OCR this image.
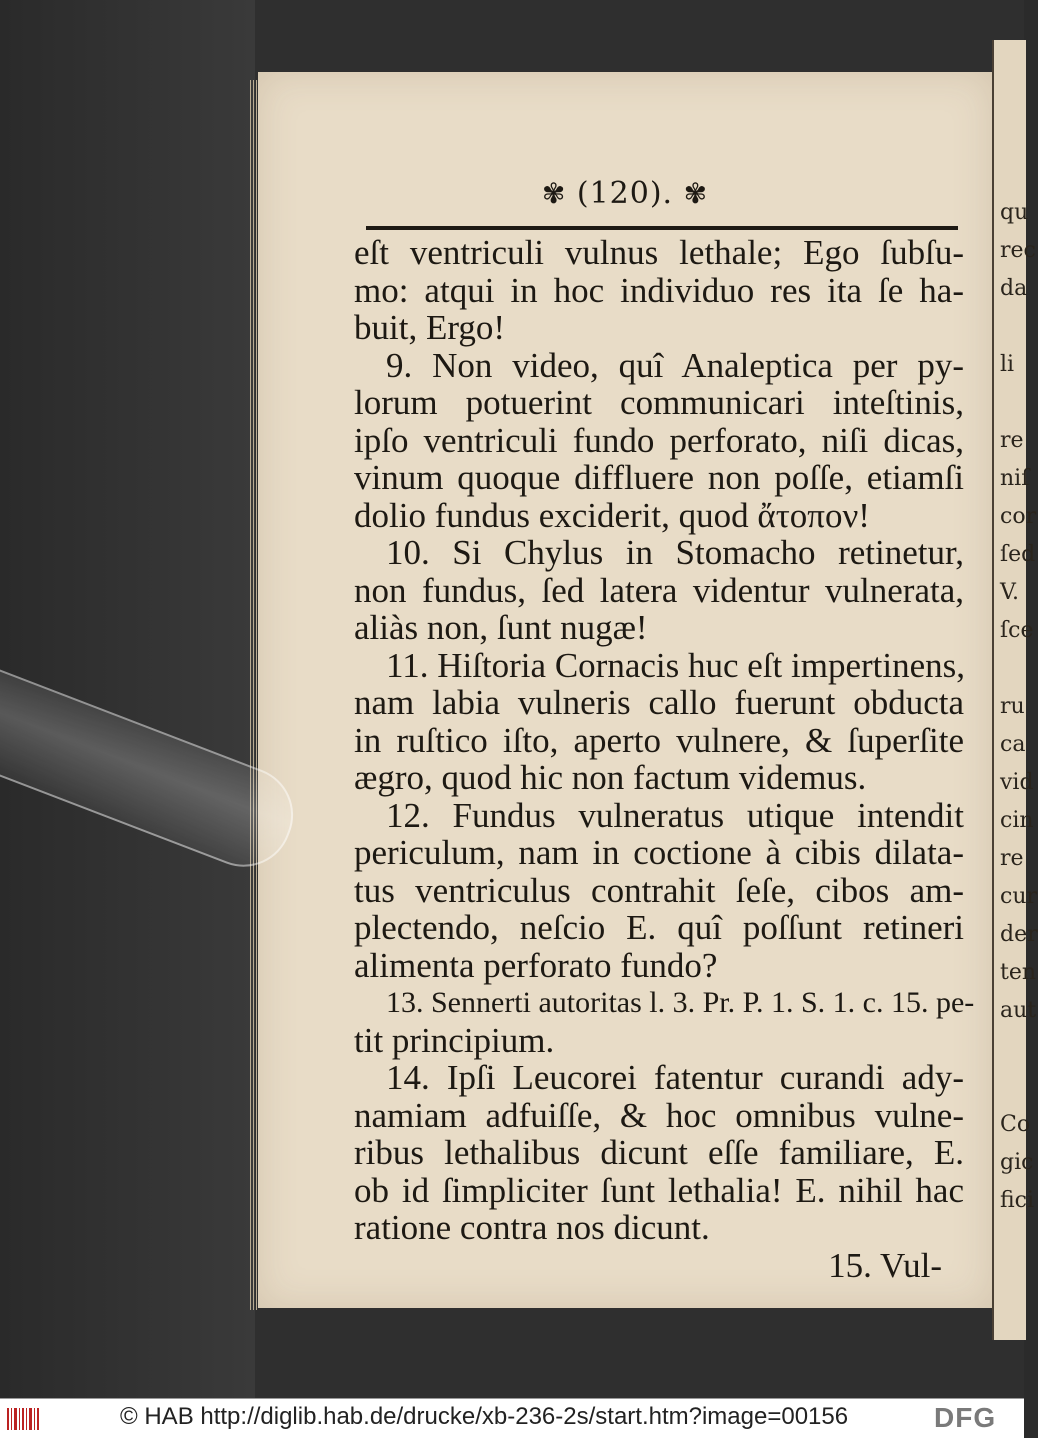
✾ (120). ✾
eſt ventriculi vulnus lethale; Ego ſubſu-
mo: atqui in hoc individuo res ita ſe ha-
buit, Ergo!
9. Non video, quî Analeptica per py-
lorum potuerint communicari inteſtinis,
ipſo ventriculi fundo perforato, niſi dicas,
vinum quoque diffluere non poſſe, etiamſi
dolio fundus exciderit, quod ἄτοπον!
10. Si Chylus in Stomacho retinetur,
non fundus, ſed latera videntur vulnerata,
aliàs non, ſunt nugæ!
11. Hiſtoria Cornacis huc eſt impertinens,
nam labia vulneris callo fuerunt obducta
in ruſtico iſto, aperto vulnere, & ſuperſite
ægro, quod hic non factum videmus.
12. Fundus vulneratus utique intendit
periculum, nam in coctione à cibis dilata-
tus ventriculus contrahit ſeſe, cibos am-
plectendo, neſcio E. quî poſſunt retineri
alimenta perforato fundo?
13. Sennerti autoritas l. 3. Pr. P. 1. S. 1. c. 15. pe-
tit principium.
14. Ipſi Leucorei fatentur curandi ady-
namiam adfuiſſe, & hoc omnibus vulne-
ribus lethalibus dicunt eſſe familiare, E.
ob id ſimpliciter ſunt lethalia! E. nihil hac
ratione contra nos dicunt.
15. Vul-
qu
rec
da
li
re
niſ
cor
ſed
V.
ſce
ru
ca
vid
cin
re
cur
der
ten
aut
Co
gic
fici
© HAB http://diglib.hab.de/drucke/xb-236-2s/start.htm?image=00156	DFG
